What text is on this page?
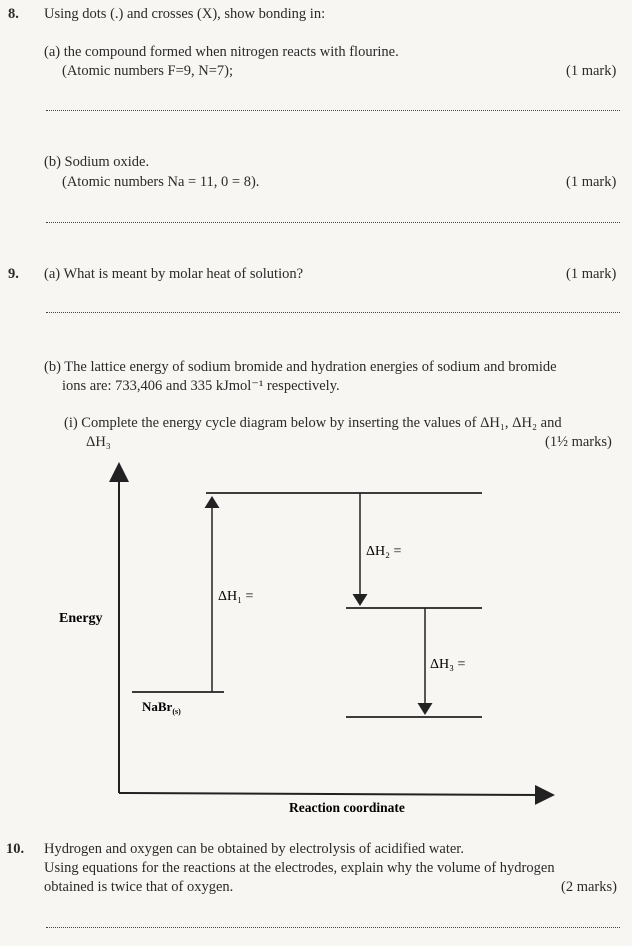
8. Using dots (.) and crosses (X), show bonding in:
(a) the compound formed when nitrogen reacts with flourine.
(Atomic numbers F=9, N=7);	(1 mark)
(b) Sodium oxide.
(Atomic numbers Na = 11, 0 = 8).	(1 mark)
9. (a) What is meant by molar heat of solution?	(1 mark)
(b) The lattice energy of sodium bromide and hydration energies of sodium and bromide
ions are: 733,406 and 335 kJmol⁻¹ respectively.
(i) Complete the energy cycle diagram below by inserting the values of ΔH₁, ΔH₂ and
ΔH₃	(1½ marks)
Energy
Reaction coordinate
NaBr$_{(s)}$
ΔH₁ =
ΔH₂ =
ΔH₃ =
10. Hydrogen and oxygen can be obtained by electrolysis of acidified water.
Using equations for the reactions at the electrodes, explain why the volume of hydrogen
obtained is twice that of oxygen.	(2 marks)
